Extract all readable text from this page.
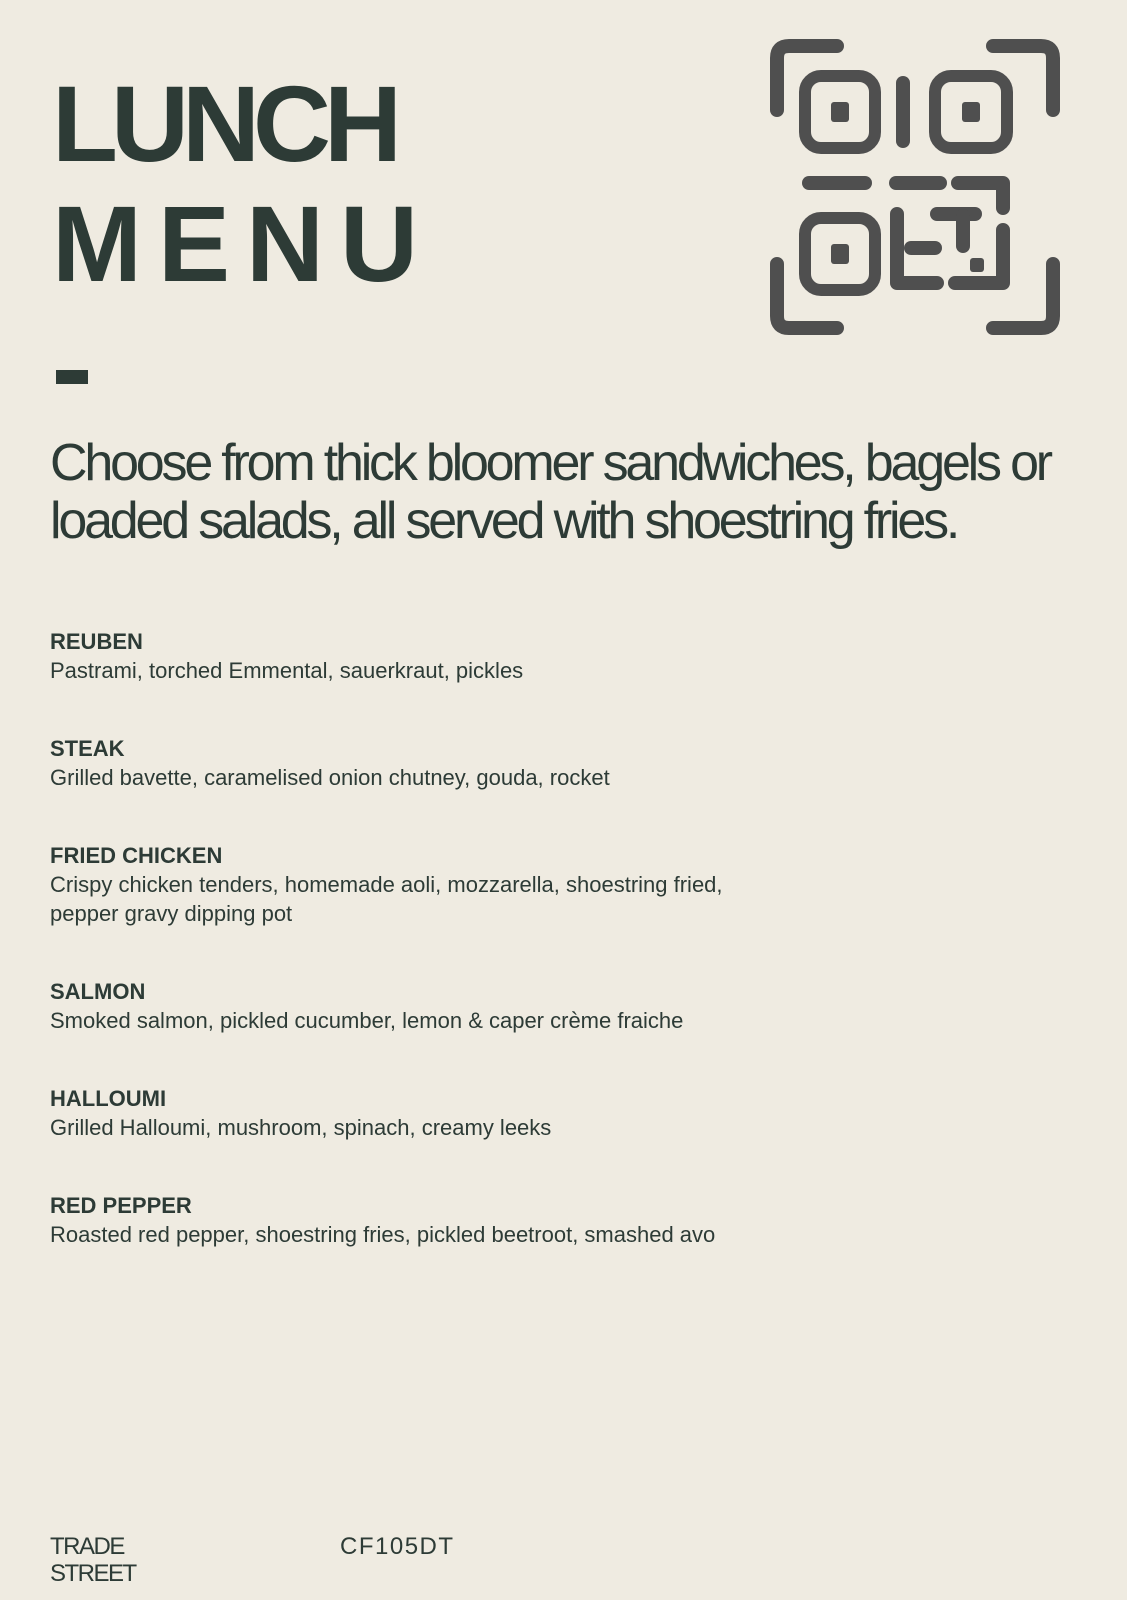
LUNCH
MENU

Choose from thick bloomer sandwiches, bagels or loaded salads, all served with shoestring fries.

REUBEN
Pastrami, torched Emmental, sauerkraut, pickles
STEAK
Grilled bavette, caramelised onion chutney, gouda, rocket
FRIED CHICKEN
Crispy chicken tenders, homemade aoli, mozzarella, shoestring fried, pepper gravy dipping pot
SALMON
Smoked salmon, pickled cucumber, lemon & caper crème fraiche
HALLOUMI
Grilled Halloumi, mushroom, spinach, creamy leeks
RED PEPPER
Roasted red pepper, shoestring fries, pickled beetroot, smashed avo
TRADE STREET
CF105DT
